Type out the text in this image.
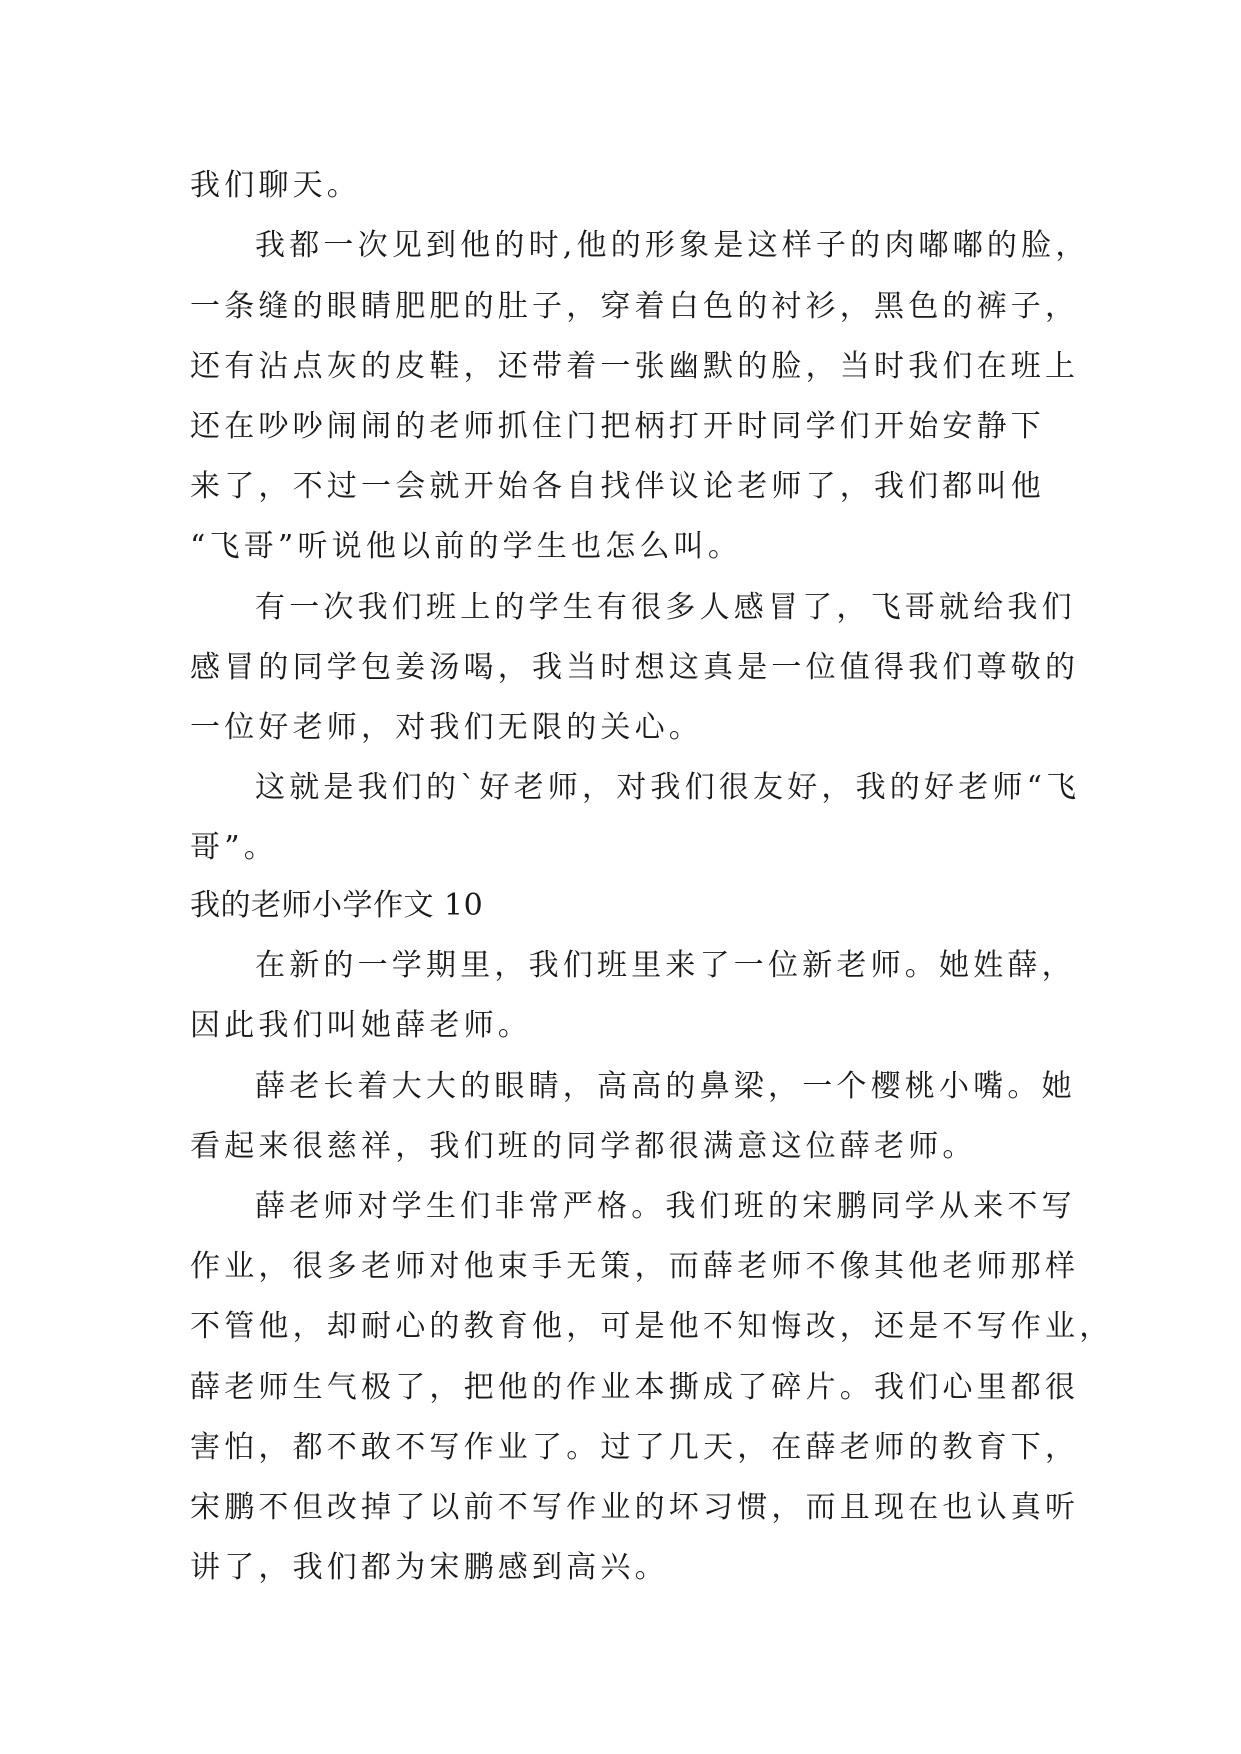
我们聊天。
我都一次见到他的时,他的形象是这样子的肉嘟嘟的脸，
一条缝的眼睛肥肥的肚子，穿着白色的衬衫，黑色的裤子，
还有沾点灰的皮鞋，还带着一张幽默的脸，当时我们在班上
还在吵吵闹闹的老师抓住门把柄打开时同学们开始安静下
来了，不过一会就开始各自找伴议论老师了，我们都叫他
“飞哥”听说他以前的学生也怎么叫。
有一次我们班上的学生有很多人感冒了，飞哥就给我们
感冒的同学包姜汤喝，我当时想这真是一位值得我们尊敬的
一位好老师，对我们无限的关心。
这就是我们的`好老师，对我们很友好，我的好老师“飞
哥”。
我的老师小学作文 10
在新的一学期里，我们班里来了一位新老师。她姓薛，
因此我们叫她薛老师。
薛老长着大大的眼睛，高高的鼻梁，一个樱桃小嘴。她
看起来很慈祥，我们班的同学都很满意这位薛老师。
薛老师对学生们非常严格。我们班的宋鹏同学从来不写
作业，很多老师对他束手无策，而薛老师不像其他老师那样
不管他，却耐心的教育他，可是他不知悔改，还是不写作业，
薛老师生气极了，把他的作业本撕成了碎片。我们心里都很
害怕，都不敢不写作业了。过了几天，在薛老师的教育下，
宋鹏不但改掉了以前不写作业的坏习惯，而且现在也认真听
讲了，我们都为宋鹏感到高兴。
